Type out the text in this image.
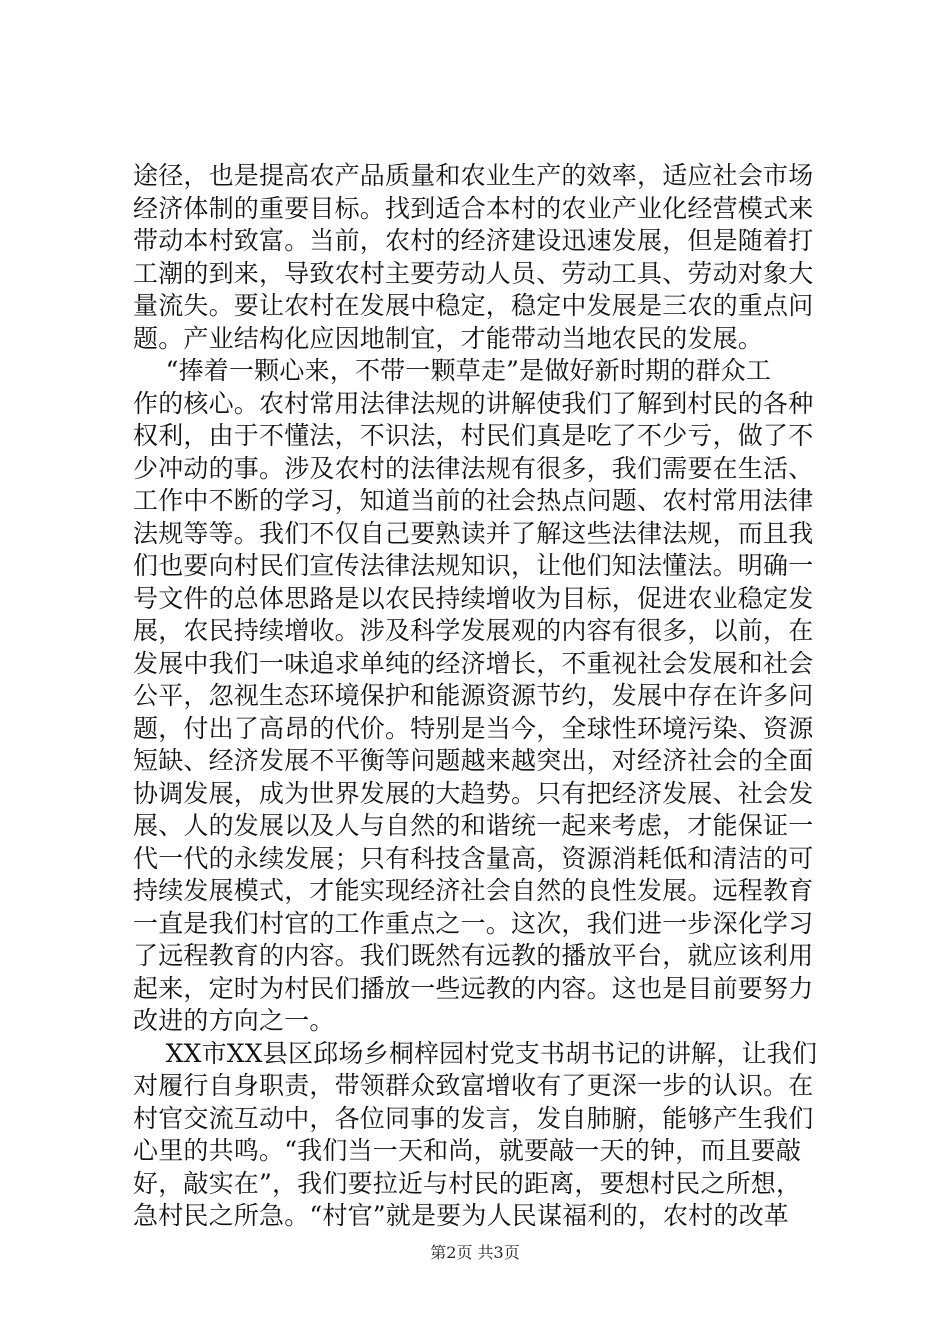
途径，也是提高农产品质量和农业生产的效率，适应社会市场
经济体制的重要目标。找到适合本村的农业产业化经营模式来
带动本村致富。当前，农村的经济建设迅速发展，但是随着打
工潮的到来，导致农村主要劳动人员、劳动工具、劳动对象大
量流失。要让农村在发展中稳定，稳定中发展是三农的重点问
题。产业结构化应因地制宜，才能带动当地农民的发展。
“捧着一颗心来，不带一颗草走”是做好新时期的群众工
作的核心。农村常用法律法规的讲解使我们了解到村民的各种
权利，由于不懂法，不识法，村民们真是吃了不少亏，做了不
少冲动的事。涉及农村的法律法规有很多，我们需要在生活、
工作中不断的学习，知道当前的社会热点问题、农村常用法律
法规等等。我们不仅自己要熟读并了解这些法律法规，而且我
们也要向村民们宣传法律法规知识，让他们知法懂法。明确一
号文件的总体思路是以农民持续增收为目标，促进农业稳定发
展，农民持续增收。涉及科学发展观的内容有很多，以前，在
发展中我们一味追求单纯的经济增长，不重视社会发展和社会
公平，忽视生态环境保护和能源资源节约，发展中存在许多问
题，付出了高昂的代价。特别是当今，全球性环境污染、资源
短缺、经济发展不平衡等问题越来越突出，对经济社会的全面
协调发展，成为世界发展的大趋势。只有把经济发展、社会发
展、人的发展以及人与自然的和谐统一起来考虑，才能保证一
代一代的永续发展；只有科技含量高，资源消耗低和清洁的可
持续发展模式，才能实现经济社会自然的良性发展。远程教育
一直是我们村官的工作重点之一。这次，我们进一步深化学习
了远程教育的内容。我们既然有远教的播放平台，就应该利用
起来，定时为村民们播放一些远教的内容。这也是目前要努力
改进的方向之一。
XX市XX县区邱场乡桐梓园村党支书胡书记的讲解，让我们
对履行自身职责，带领群众致富增收有了更深一步的认识。在
村官交流互动中，各位同事的发言，发自肺腑，能够产生我们
心里的共鸣。“我们当一天和尚，就要敲一天的钟，而且要敲
好，敲实在”，我们要拉近与村民的距离，要想村民之所想，
急村民之所急。“村官”就是要为人民谋福利的，农村的改革
第2页 共3页
